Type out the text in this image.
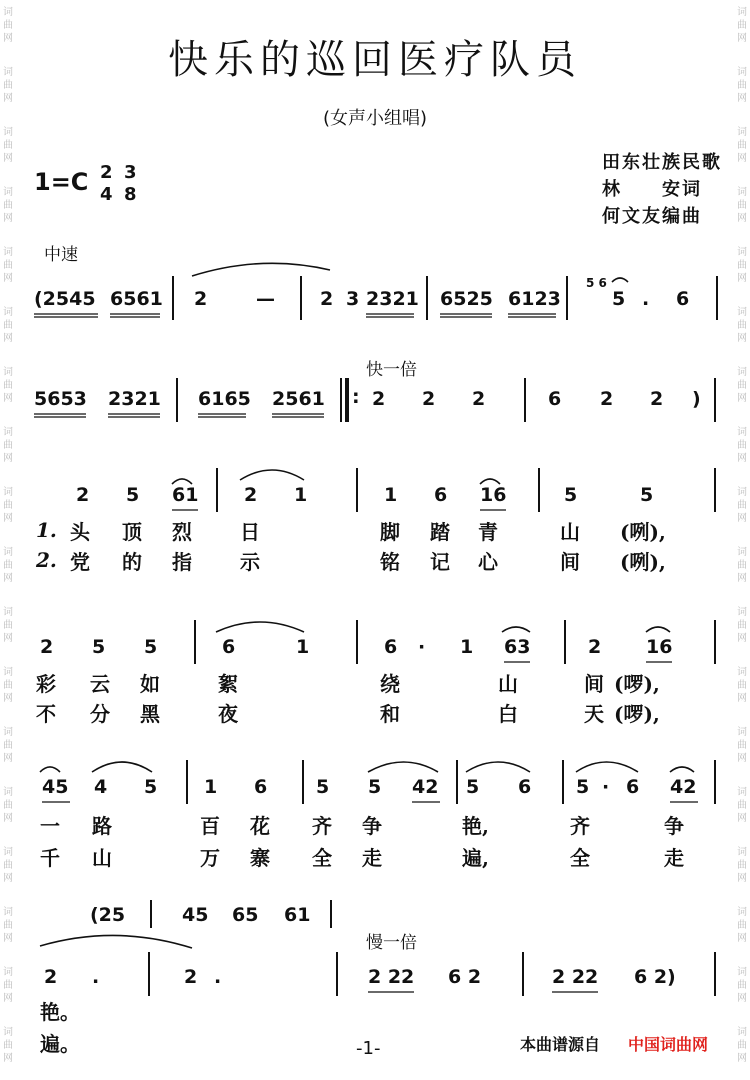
词
曲
网
词
曲
网
词
曲
网
词
曲
网
词
曲
网
词
曲
网
词
曲
网
词
曲
网
词
曲
网
词
曲
网
词
曲
网
词
曲
网
词
曲
网
词
曲
网
词
曲
网
词
曲
网
词
曲
网
词
曲
网
词
曲
网
词
曲
网
词
曲
网
词
曲
网
词
曲
网
词
曲
网
词
曲
网
词
曲
网
词
曲
网
词
曲
网
词
曲
网
词
曲
网
词
曲
网
词
曲
网
词
曲
网
词
曲
网
词
曲
网
词
曲
网
快乐的巡回医疗队员
(女声小组唱)
田东壮族民歌
林　　安词
何文友编曲
1=C 2
4
3
8
中速
快一倍
慢一倍
(2545 6561 2	— 2 3 2321 6525 6123
5 6
5 . 6
5653 2321 6165 2561 : 2 2 2	6 2 2 )
2 5 61 2 1	1 6 16	5	5
1. 头 顶 烈 日	脚 踏 青	山 (咧),
2. 党 的 指 示	铭 记 心	间 (咧),
2 5 5	6	1	6 · 1 63	2 16
彩 云 如	絮	绕	山	间 (啰),
不 分 黑	夜	和	白	天 (啰),
45 4 5 1 6	5 5 42 5 6 5 · 6 42
一 路	百 花 齐 争	艳,	齐	争
千 山	万 寨 全 走	遍,	全	走
(25	45 65 61
2 .	2 .	2 22 6 2	2 22 6 2)
艳。
遍。	-1-	本曲谱源自 中国词曲网
